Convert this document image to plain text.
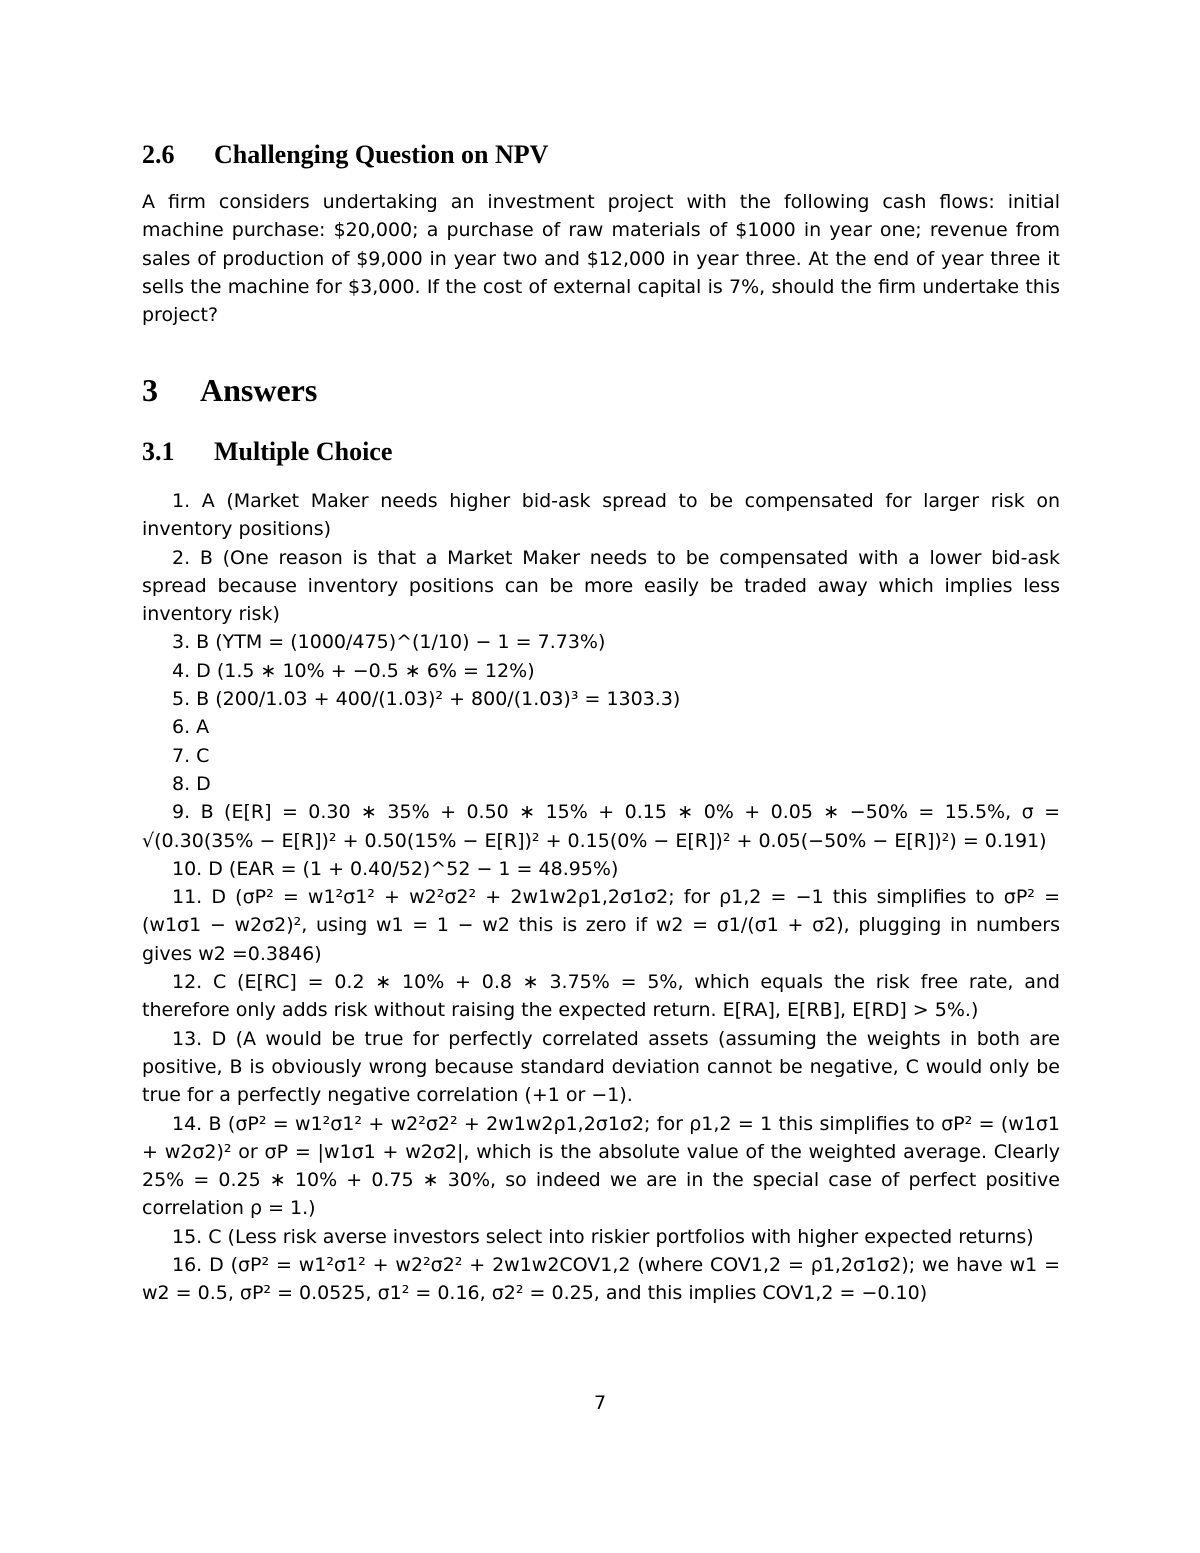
2.6 Challenging Question on NPV

A firm considers undertaking an investment project with the following cash flows: initial machine purchase: $20,000; a purchase of raw materials of $1000 in year one; revenue from sales of production of $9,000 in year two and $12,000 in year three. At the end of year three it sells the machine for $3,000. If the cost of external capital is 7%, should the firm undertake this project?

3 Answers
3.1 Multiple Choice

1. A (Market Maker needs higher bid-ask spread to be compensated for larger risk on inventory positions)

2. B (One reason is that a Market Maker needs to be compensated with a lower bid-ask spread because inventory positions can be more easily be traded away which implies less inventory risk)

3. B (YTM = (1000/475)^(1/10) − 1 = 7.73%)

4. D (1.5 ∗ 10% + −0.5 ∗ 6% = 12%)

5. B (200/1.03 + 400/(1.03)² + 800/(1.03)³ = 1303.3)

6. A

7. C

8. D

9. B (E[R] = 0.30 ∗ 35% + 0.50 ∗ 15% + 0.15 ∗ 0% + 0.05 ∗ −50% = 15.5%, σ = √(0.30(35% − E[R])² + 0.50(15% − E[R])² + 0.15(0% − E[R])² + 0.05(−50% − E[R])²) = 0.191)

10. D (EAR = (1 + 0.40/52)^52 − 1 = 48.95%)

11. D (σP² = w1²σ1² + w2²σ2² + 2w1w2ρ1,2σ1σ2; for ρ1,2 = −1 this simplifies to σP² = (w1σ1 − w2σ2)², using w1 = 1 − w2 this is zero if w2 = σ1/(σ1 + σ2), plugging in numbers gives w2 =0.3846)

12. C (E[RC] = 0.2 ∗ 10% + 0.8 ∗ 3.75% = 5%, which equals the risk free rate, and therefore only adds risk without raising the expected return. E[RA], E[RB], E[RD] > 5%.)

13. D (A would be true for perfectly correlated assets (assuming the weights in both are positive, B is obviously wrong because standard deviation cannot be negative, C would only be true for a perfectly negative correlation (+1 or −1).

14. B (σP² = w1²σ1² + w2²σ2² + 2w1w2ρ1,2σ1σ2; for ρ1,2 = 1 this simplifies to σP² = (w1σ1 + w2σ2)² or σP = |w1σ1 + w2σ2|, which is the absolute value of the weighted average. Clearly 25% = 0.25 ∗ 10% + 0.75 ∗ 30%, so indeed we are in the special case of perfect positive correlation ρ = 1.)

15. C (Less risk averse investors select into riskier portfolios with higher expected returns)

16. D (σP² = w1²σ1² + w2²σ2² + 2w1w2COV1,2 (where COV1,2 = ρ1,2σ1σ2); we have w1 = w2 = 0.5, σP² = 0.0525, σ1² = 0.16, σ2² = 0.25, and this implies COV1,2 = −0.10)

7
